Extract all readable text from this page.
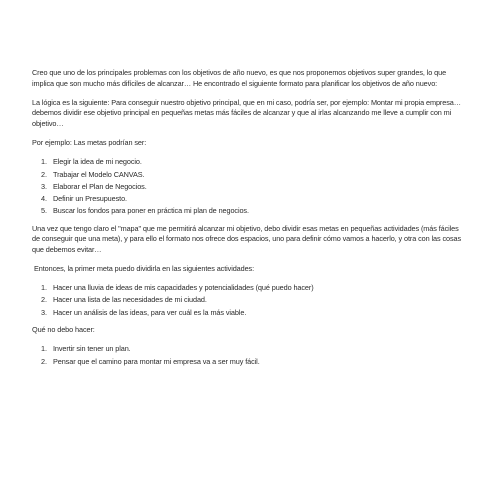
Creo que uno de los principales problemas con los objetivos de año nuevo, es que nos proponemos objetivos super grandes, lo que implica que son mucho más difíciles de alcanzar… He encontrado el siguiente formato para planificar los objetivos de año nuevo:

La lógica es la siguiente: Para conseguir nuestro objetivo principal, que en mi caso, podría ser, por ejemplo: Montar mi propia empresa… debemos dividir ese objetivo principal en pequeñas metas más fáciles de alcanzar y que al irlas alcanzando me lleve a cumplir con mi objetivo…

Por ejemplo: Las metas podrían ser:

1. Elegir la idea de mi negocio.
2. Trabajar el Modelo CANVAS.
3. Elaborar el Plan de Negocios.
4. Definir un Presupuesto.
5. Buscar los fondos para poner en práctica mi plan de negocios.

Una vez que tengo claro el "mapa" que me permitirá alcanzar mi objetivo, debo dividir esas metas en pequeñas actividades (más fáciles de conseguir que una meta), y para ello el formato nos ofrece dos espacios, uno para definir cómo vamos a hacerlo, y otra con las cosas que debemos evitar…

Entonces, la primer meta puedo dividirla en las siguientes actividades:

1. Hacer una lluvia de ideas de mis capacidades y potencialidades (qué puedo hacer)
2. Hacer una lista de las necesidades de mi ciudad.
3. Hacer un análisis de las ideas, para ver cuál es la más viable.

Qué no debo hacer:

1. Invertir sin tener un plan.
2. Pensar que el camino para montar mi empresa va a ser muy fácil.
